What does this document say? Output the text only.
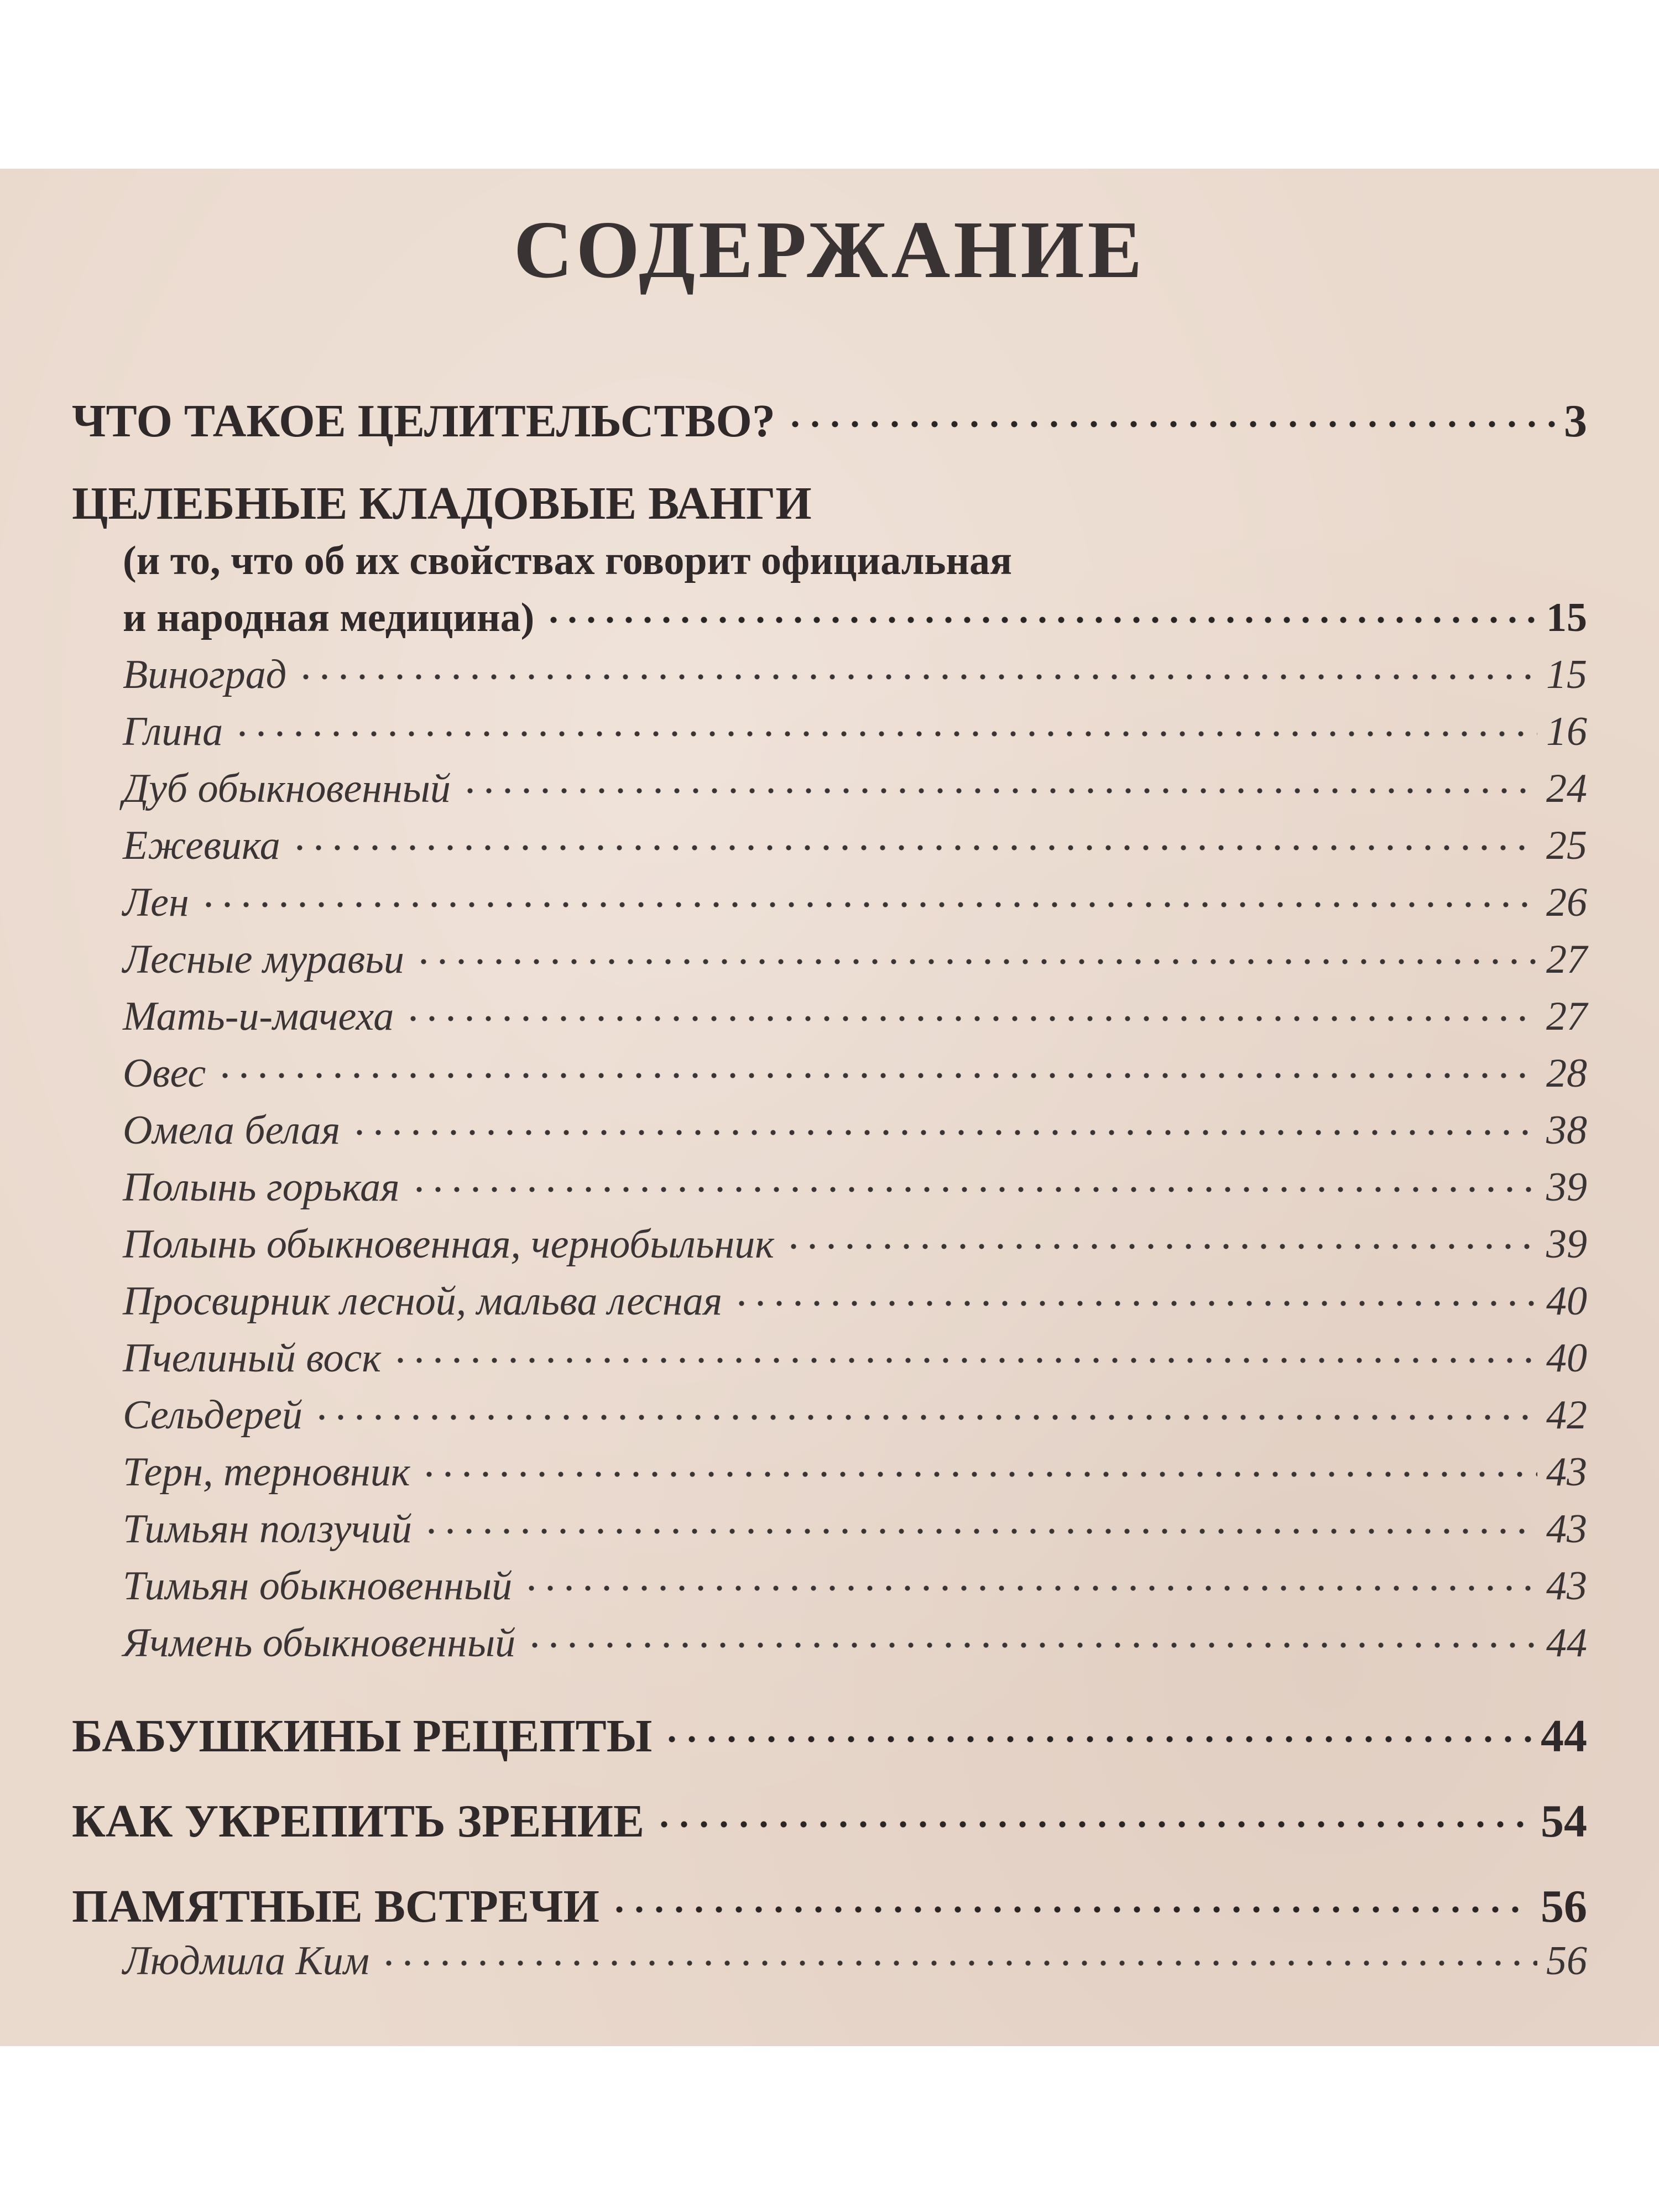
СОДЕРЖАНИЕ
ЧТО ТАКОЕ ЦЕЛИТЕЛЬСТВО?	3
ЦЕЛЕБНЫЕ КЛАДОВЫЕ ВАНГИ
(и то, что об их свойствах говорит официальная
и народная медицина)	15
Виноград	15
Глина	16
Дуб обыкновенный	24
Ежевика	25
Лен	26
Лесные муравьи	27
Мать-и-мачеха	27
Овес	28
Омела белая	38
Полынь горькая	39
Полынь обыкновенная, чернобыльник	39
Просвирник лесной, мальва лесная	40
Пчелиный воск	40
Сельдерей	42
Терн, терновник	43
Тимьян ползучий	43
Тимьян обыкновенный	43
Ячмень обыкновенный	44
БАБУШКИНЫ РЕЦЕПТЫ	44
КАК УКРЕПИТЬ ЗРЕНИЕ	54
ПАМЯТНЫЕ ВСТРЕЧИ	56
Людмила Ким	56
